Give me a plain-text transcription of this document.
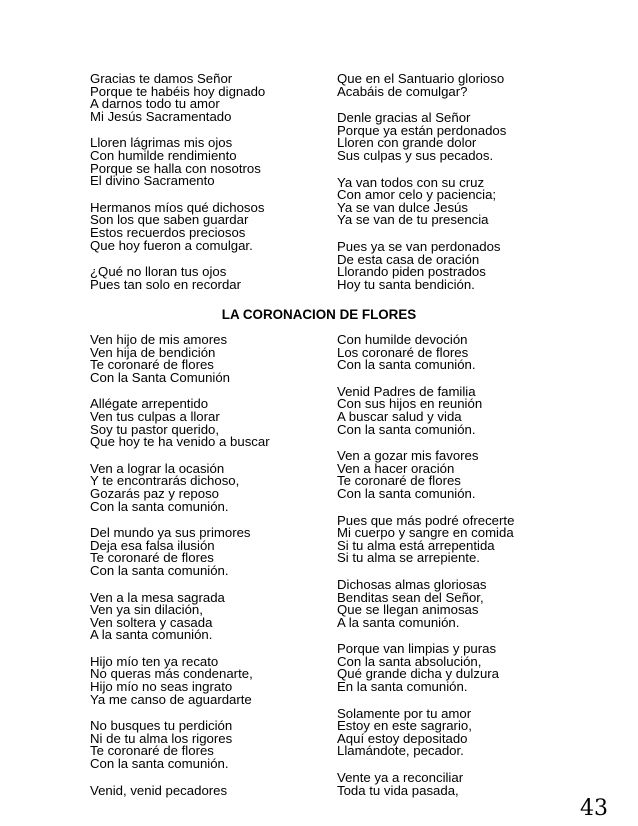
Gracias te damos Señor
Porque te habéis hoy dignado
A darnos todo tu amor
Mi Jesús Sacramentado
Lloren lágrimas mis ojos
Con humilde rendimiento
Porque se halla con nosotros
El divino Sacramento
Hermanos míos qué dichosos
Son los que saben guardar
Estos recuerdos preciosos
Que hoy fueron a comulgar.
¿Qué no lloran tus ojos
Pues tan solo en recordar
Que en el Santuario glorioso
Acabáis de comulgar?
Denle gracias al Señor
Porque ya están perdonados
Lloren con grande dolor
Sus culpas y sus pecados.
Ya van todos con su cruz
Con amor celo y paciencia;
Ya se van dulce Jesús
Ya se van de tu presencia
Pues ya se van perdonados
De esta casa de oración
Llorando piden postrados
Hoy tu santa bendición.
LA CORONACION DE FLORES
Ven hijo de mis amores
Ven hija de bendición
Te coronaré de flores
Con la Santa Comunión
Allégate arrepentido
Ven tus culpas a llorar
Soy tu pastor querido,
Que hoy te ha venido a buscar
Ven a lograr la ocasión
Y te encontrarás dichoso,
Gozarás paz y reposo
Con la santa comunión.
Del mundo ya sus primores
Deja esa falsa ilusión
Te coronaré de flores
Con la santa comunión.
Ven a la mesa sagrada
Ven ya sin dilación,
Ven soltera y casada
A la santa comunión.
Hijo mío ten ya recato
No queras más condenarte,
Hijo mío no seas ingrato
Ya me canso de aguardarte
No busques tu perdición
Ni de tu alma los rigores
Te coronaré de flores
Con la santa comunión.
Venid, venid pecadores
Con humilde devoción
Los coronaré de flores
Con la santa comunión.
Venid Padres de familia
Con sus hijos en reunión
A buscar salud y vida
Con la santa comunión.
Ven a gozar mis favores
Ven a hacer oración
Te coronaré de flores
Con la santa comunión.
Pues que más podré ofrecerte
Mi cuerpo y sangre en comida
Si tu alma está arrepentida
Si tu alma se arrepiente.
Dichosas almas gloriosas
Benditas sean del Señor,
Que se llegan animosas
A la santa comunión.
Porque van limpias y puras
Con la santa absolución,
Qué grande dicha y dulzura
En la santa comunión.
Solamente por tu amor
Estoy en este sagrario,
Aquí estoy depositado
Llamándote, pecador.
Vente ya a reconciliar
Toda tu vida pasada,
43
